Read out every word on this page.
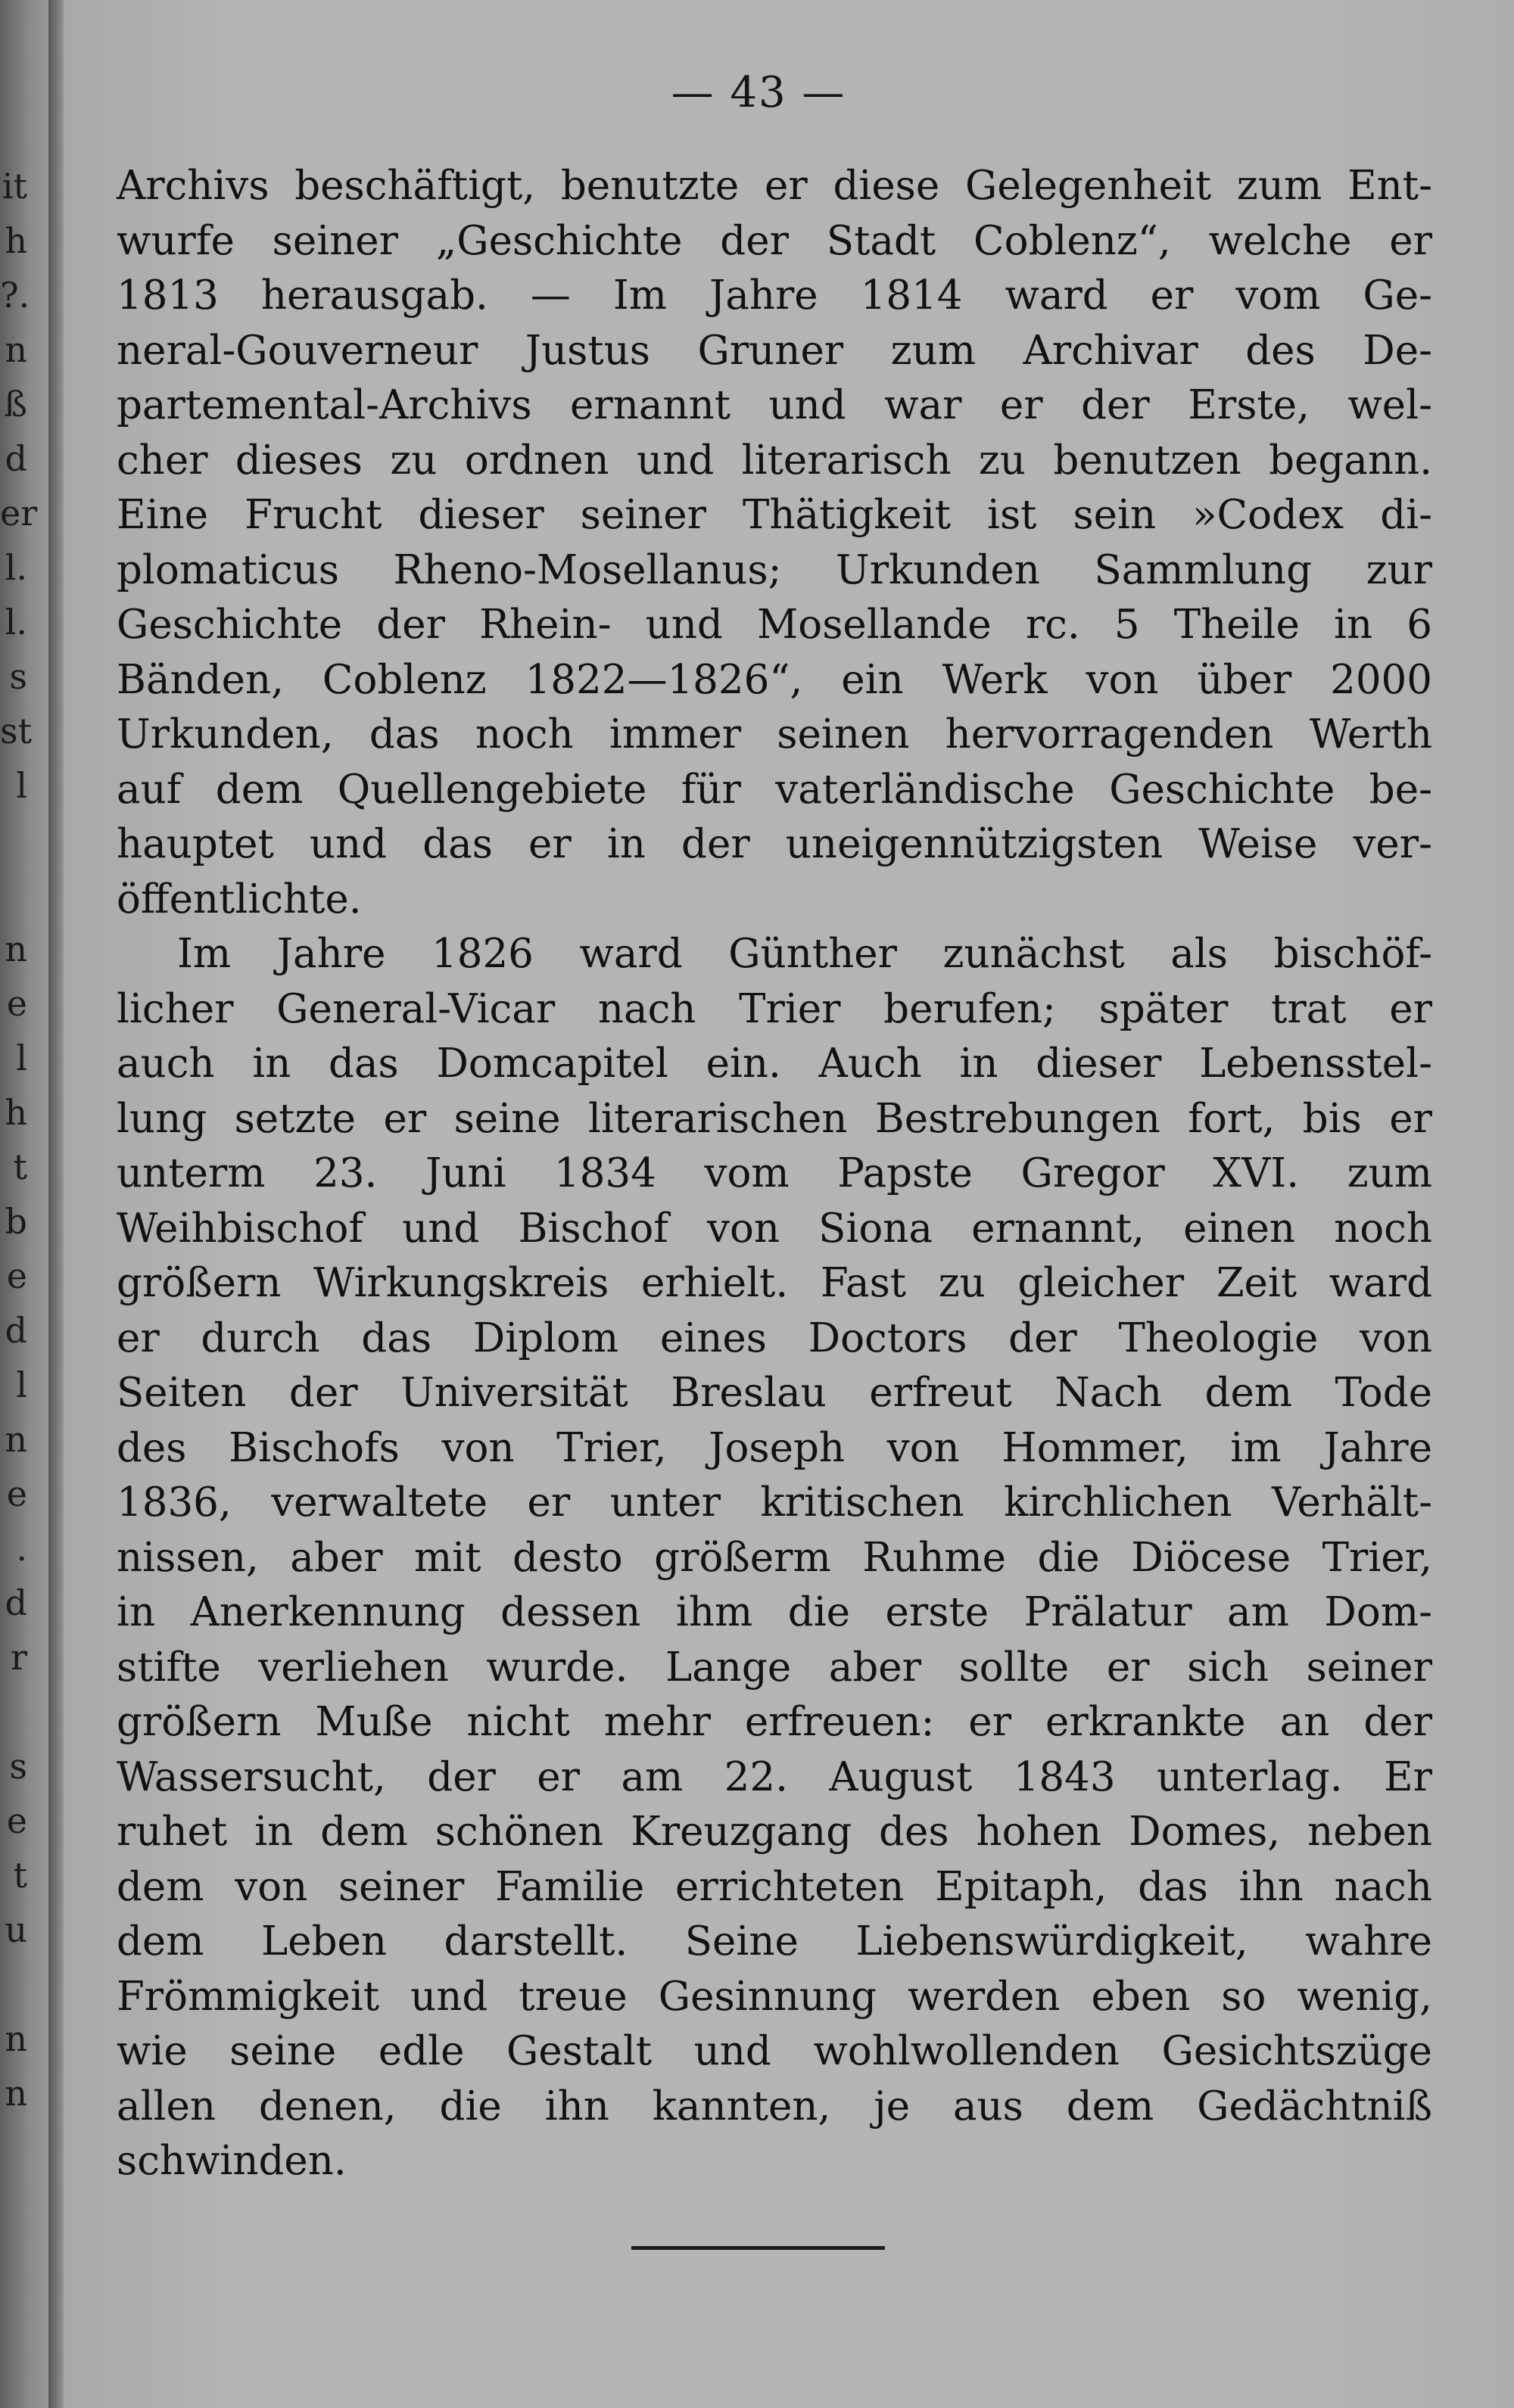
it
h
?.
n
ß
d
er
l.
l.
s
st
l

n
e
l
h
t
b
e
d
l
n
e
.
d
r

s
e
t
u

n
n
— 43 —
Archivs beschäftigt, benutzte er diese Gelegenheit zum Ent-
wurfe seiner „Geschichte der Stadt Coblenz“, welche er
1813 herausgab. — Im Jahre 1814 ward er vom Ge-
neral-Gouverneur Justus Gruner zum Archivar des De-
partemental-Archivs ernannt und war er der Erste, wel-
cher dieses zu ordnen und literarisch zu benutzen begann.
Eine Frucht dieser seiner Thätigkeit ist sein »Codex di-
plomaticus Rheno-Mosellanus; Urkunden Sammlung zur
Geschichte der Rhein- und Mosellande rc. 5 Theile in 6
Bänden, Coblenz 1822—1826“, ein Werk von über 2000
Urkunden, das noch immer seinen hervorragenden Werth
auf dem Quellengebiete für vaterländische Geschichte be-
hauptet und das er in der uneigennützigsten Weise ver-
öffentlichte.
Im Jahre 1826 ward Günther zunächst als bischöf-
licher General-Vicar nach Trier berufen; später trat er
auch in das Domcapitel ein. Auch in dieser Lebensstel-
lung setzte er seine literarischen Bestrebungen fort, bis er
unterm 23. Juni 1834 vom Papste Gregor XVI. zum
Weihbischof und Bischof von Siona ernannt, einen noch
größern Wirkungskreis erhielt. Fast zu gleicher Zeit ward
er durch das Diplom eines Doctors der Theologie von
Seiten der Universität Breslau erfreut Nach dem Tode
des Bischofs von Trier, Joseph von Hommer, im Jahre
1836, verwaltete er unter kritischen kirchlichen Verhält-
nissen, aber mit desto größerm Ruhme die Diöcese Trier,
in Anerkennung dessen ihm die erste Prälatur am Dom-
stifte verliehen wurde. Lange aber sollte er sich seiner
größern Muße nicht mehr erfreuen: er erkrankte an der
Wassersucht, der er am 22. August 1843 unterlag. Er
ruhet in dem schönen Kreuzgang des hohen Domes, neben
dem von seiner Familie errichteten Epitaph, das ihn nach
dem Leben darstellt. Seine Liebenswürdigkeit, wahre
Frömmigkeit und treue Gesinnung werden eben so wenig,
wie seine edle Gestalt und wohlwollenden Gesichtszüge
allen denen, die ihn kannten, je aus dem Gedächtniß
schwinden.
